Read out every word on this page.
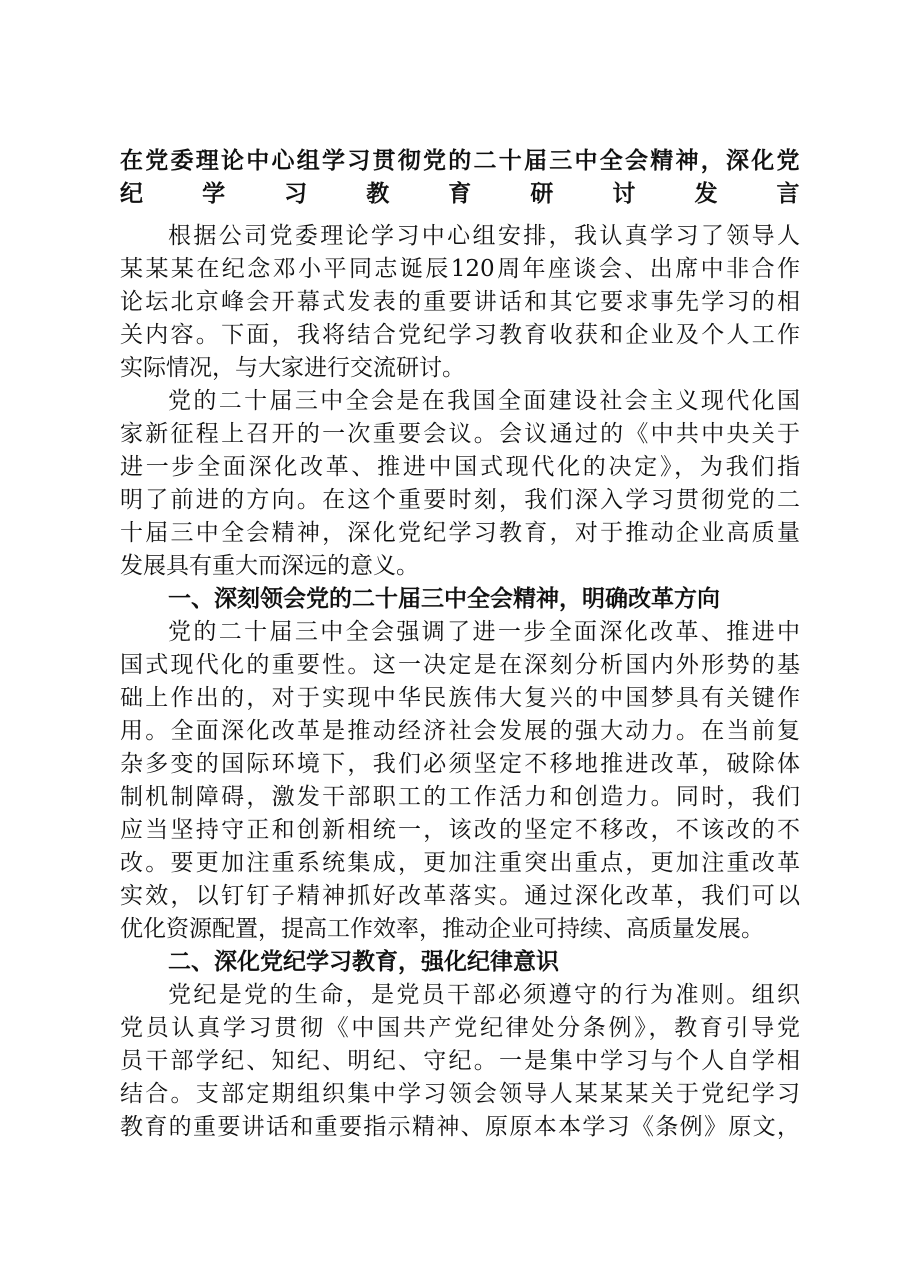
在党委理论中心组学习贯彻党的二十届三中全会精神，深化党
纪学习教育研讨发言
根据公司党委理论学习中心组安排，我认真学习了领导人
某某某在纪念邓小平同志诞辰120周年座谈会、出席中非合作
论坛北京峰会开幕式发表的重要讲话和其它要求事先学习的相
关内容。下面，我将结合党纪学习教育收获和企业及个人工作
实际情况，与大家进行交流研讨。
党的二十届三中全会是在我国全面建设社会主义现代化国
家新征程上召开的一次重要会议。会议通过的《中共中央关于
进一步全面深化改革、推进中国式现代化的决定》，为我们指
明了前进的方向。在这个重要时刻，我们深入学习贯彻党的二
十届三中全会精神，深化党纪学习教育，对于推动企业高质量
发展具有重大而深远的意义。
一、深刻领会党的二十届三中全会精神，明确改革方向
党的二十届三中全会强调了进一步全面深化改革、推进中
国式现代化的重要性。这一决定是在深刻分析国内外形势的基
础上作出的，对于实现中华民族伟大复兴的中国梦具有关键作
用。全面深化改革是推动经济社会发展的强大动力。在当前复
杂多变的国际环境下，我们必须坚定不移地推进改革，破除体
制机制障碍，激发干部职工的工作活力和创造力。同时，我们
应当坚持守正和创新相统一，该改的坚定不移改，不该改的不
改。要更加注重系统集成，更加注重突出重点，更加注重改革
实效，以钉钉子精神抓好改革落实。通过深化改革，我们可以
优化资源配置，提高工作效率，推动企业可持续、高质量发展。
二、深化党纪学习教育，强化纪律意识
党纪是党的生命，是党员干部必须遵守的行为准则。组织
党员认真学习贯彻《中国共产党纪律处分条例》，教育引导党
员干部学纪、知纪、明纪、守纪。一是集中学习与个人自学相
结合。支部定期组织集中学习领会领导人某某某关于党纪学习
教育的重要讲话和重要指示精神、原原本本学习《条例》原文，
